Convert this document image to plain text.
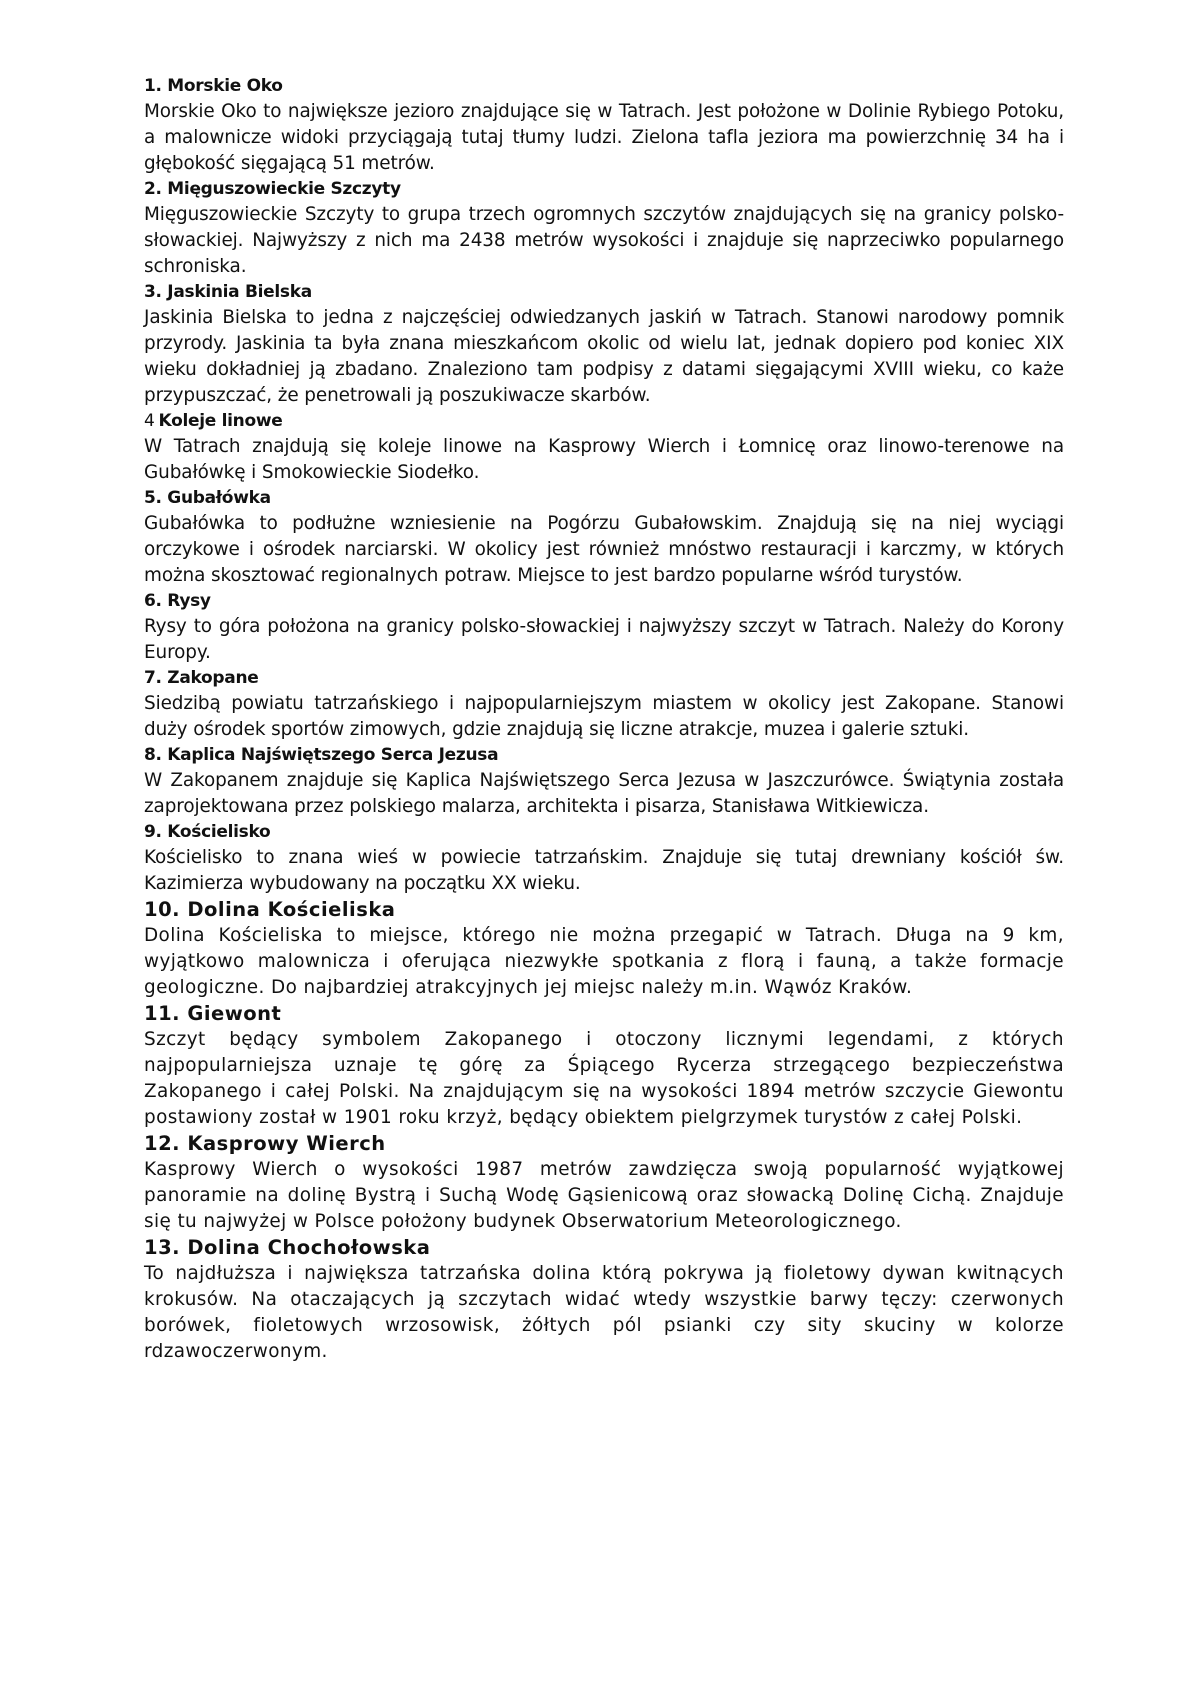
1. Morskie Oko
Morskie Oko to największe jezioro znajdujące się w Tatrach. Jest położone w Dolinie Rybiego Potoku, a malownicze widoki przyciągają tutaj tłumy ludzi. Zielona tafla jeziora ma powierzchnię 34 ha i głębokość sięgającą 51 metrów.
2. Mięguszowieckie Szczyty
Mięguszowieckie Szczyty to grupa trzech ogromnych szczytów znajdujących się na granicy polsko-słowackiej. Najwyższy z nich ma 2438 metrów wysokości i znajduje się naprzeciwko popularnego schroniska.
3. Jaskinia Bielska
Jaskinia Bielska to jedna z najczęściej odwiedzanych jaskiń w Tatrach. Stanowi narodowy pomnik przyrody. Jaskinia ta była znana mieszkańcom okolic od wielu lat, jednak dopiero pod koniec XIX wieku dokładniej ją zbadano. Znaleziono tam podpisy z datami sięgającymi XVIII wieku, co każe przypuszczać, że penetrowali ją poszukiwacze skarbów.
4 Koleje linowe
W Tatrach znajdują się koleje linowe na Kasprowy Wierch i Łomnicę oraz linowo-terenowe na Gubałówkę i Smokowieckie Siodełko.
5. Gubałówka
Gubałówka to podłużne wzniesienie na Pogórzu Gubałowskim. Znajdują się na niej wyciągi orczykowe i ośrodek narciarski. W okolicy jest również mnóstwo restauracji i karczmy, w których można skosztować regionalnych potraw. Miejsce to jest bardzo popularne wśród turystów.
6. Rysy
Rysy to góra położona na granicy polsko-słowackiej i najwyższy szczyt w Tatrach. Należy do Korony Europy.
7. Zakopane
Siedzibą powiatu tatrzańskiego i najpopularniejszym miastem w okolicy jest Zakopane. Stanowi duży ośrodek sportów zimowych, gdzie znajdują się liczne atrakcje, muzea i galerie sztuki.
8. Kaplica Najświętszego Serca Jezusa
W Zakopanem znajduje się Kaplica Najświętszego Serca Jezusa w Jaszczurówce. Świątynia została zaprojektowana przez polskiego malarza, architekta i pisarza, Stanisława Witkiewicza.
9. Kościelisko
Kościelisko to znana wieś w powiecie tatrzańskim. Znajduje się tutaj drewniany kościół św. Kazimierza wybudowany na początku XX wieku.
10. Dolina Kościeliska
Dolina Kościeliska to miejsce, którego nie można przegapić w Tatrach. Długa na 9 km, wyjątkowo malownicza i oferująca niezwykłe spotkania z florą i fauną, a także formacje geologiczne. Do najbardziej atrakcyjnych jej miejsc należy m.in. Wąwóz Kraków.
11. Giewont
Szczyt będący symbolem Zakopanego i otoczony licznymi legendami, z których najpopularniejsza uznaje tę górę za Śpiącego Rycerza strzegącego bezpieczeństwa Zakopanego i całej Polski. Na znajdującym się na wysokości 1894 metrów szczycie Giewontu postawiony został w 1901 roku krzyż, będący obiektem pielgrzymek turystów z całej Polski.
12. Kasprowy Wierch
Kasprowy Wierch o wysokości 1987 metrów zawdzięcza swoją popularność wyjątkowej panoramie na dolinę Bystrą i Suchą Wodę Gąsienicową oraz słowacką Dolinę Cichą. Znajduje się tu najwyżej w Polsce położony budynek Obserwatorium Meteorologicznego.
13. Dolina Chochołowska
To najdłuższa i największa tatrzańska dolina którą pokrywa ją fioletowy dywan kwitnących krokusów. Na otaczających ją szczytach widać wtedy wszystkie barwy tęczy: czerwonych borówek, fioletowych wrzosowisk, żółtych pól psianki czy sity skuciny w kolorze rdzawoczerwonym.
